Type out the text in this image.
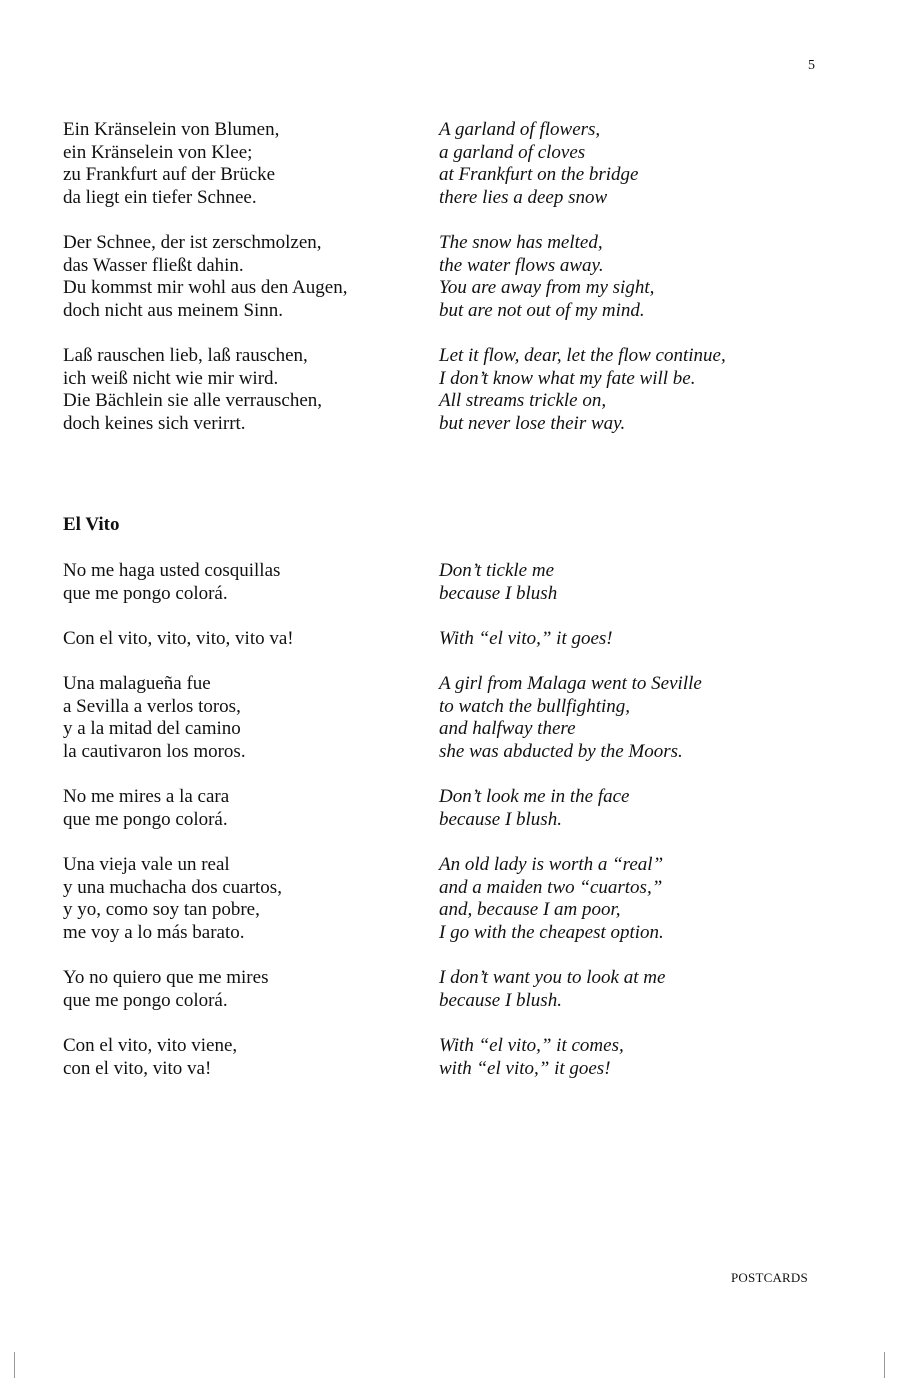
5
Ein Kränselein von Blumen,
ein Kränselein von Klee;
zu Frankfurt auf der Brücke
da liegt ein tiefer Schnee.
A garland of flowers,
a garland of cloves
at Frankfurt on the bridge
there lies a deep snow
Der Schnee, der ist zerschmolzen,
das Wasser fließt dahin.
Du kommst mir wohl aus den Augen,
doch nicht aus meinem Sinn.
The snow has melted,
the water flows away.
You are away from my sight,
but are not out of my mind.
Laß rauschen lieb, laß rauschen,
ich weiß nicht wie mir wird.
Die Bächlein sie alle verrauschen,
doch keines sich verirrt.
Let it flow, dear, let the flow continue,
I don’t know what my fate will be.
All streams trickle on,
but never lose their way.
El Vito
No me haga usted cosquillas
que me pongo colorá.
Don’t tickle me
because I blush
Con el vito, vito, vito, vito va!	With “el vito,” it goes!
Una malagueña fue
a Sevilla a verlos toros,
y a la mitad del camino
la cautivaron los moros.
A girl from Malaga went to Seville
to watch the bullfighting,
and halfway there
she was abducted by the Moors.
No me mires a la cara
que me pongo colorá.
Don’t look me in the face
because I blush.
Una vieja vale un real
y una muchacha dos cuartos,
y yo, como soy tan pobre,
me voy a lo más barato.
An old lady is worth a “real”
and a maiden two “cuartos,”
and, because I am poor,
I go with the cheapest option.
Yo no quiero que me mires
que me pongo colorá.
I don’t want you to look at me
because I blush.
Con el vito, vito viene,
con el vito, vito va!
With “el vito,” it comes,
with “el vito,” it goes!
POSTCARDS
